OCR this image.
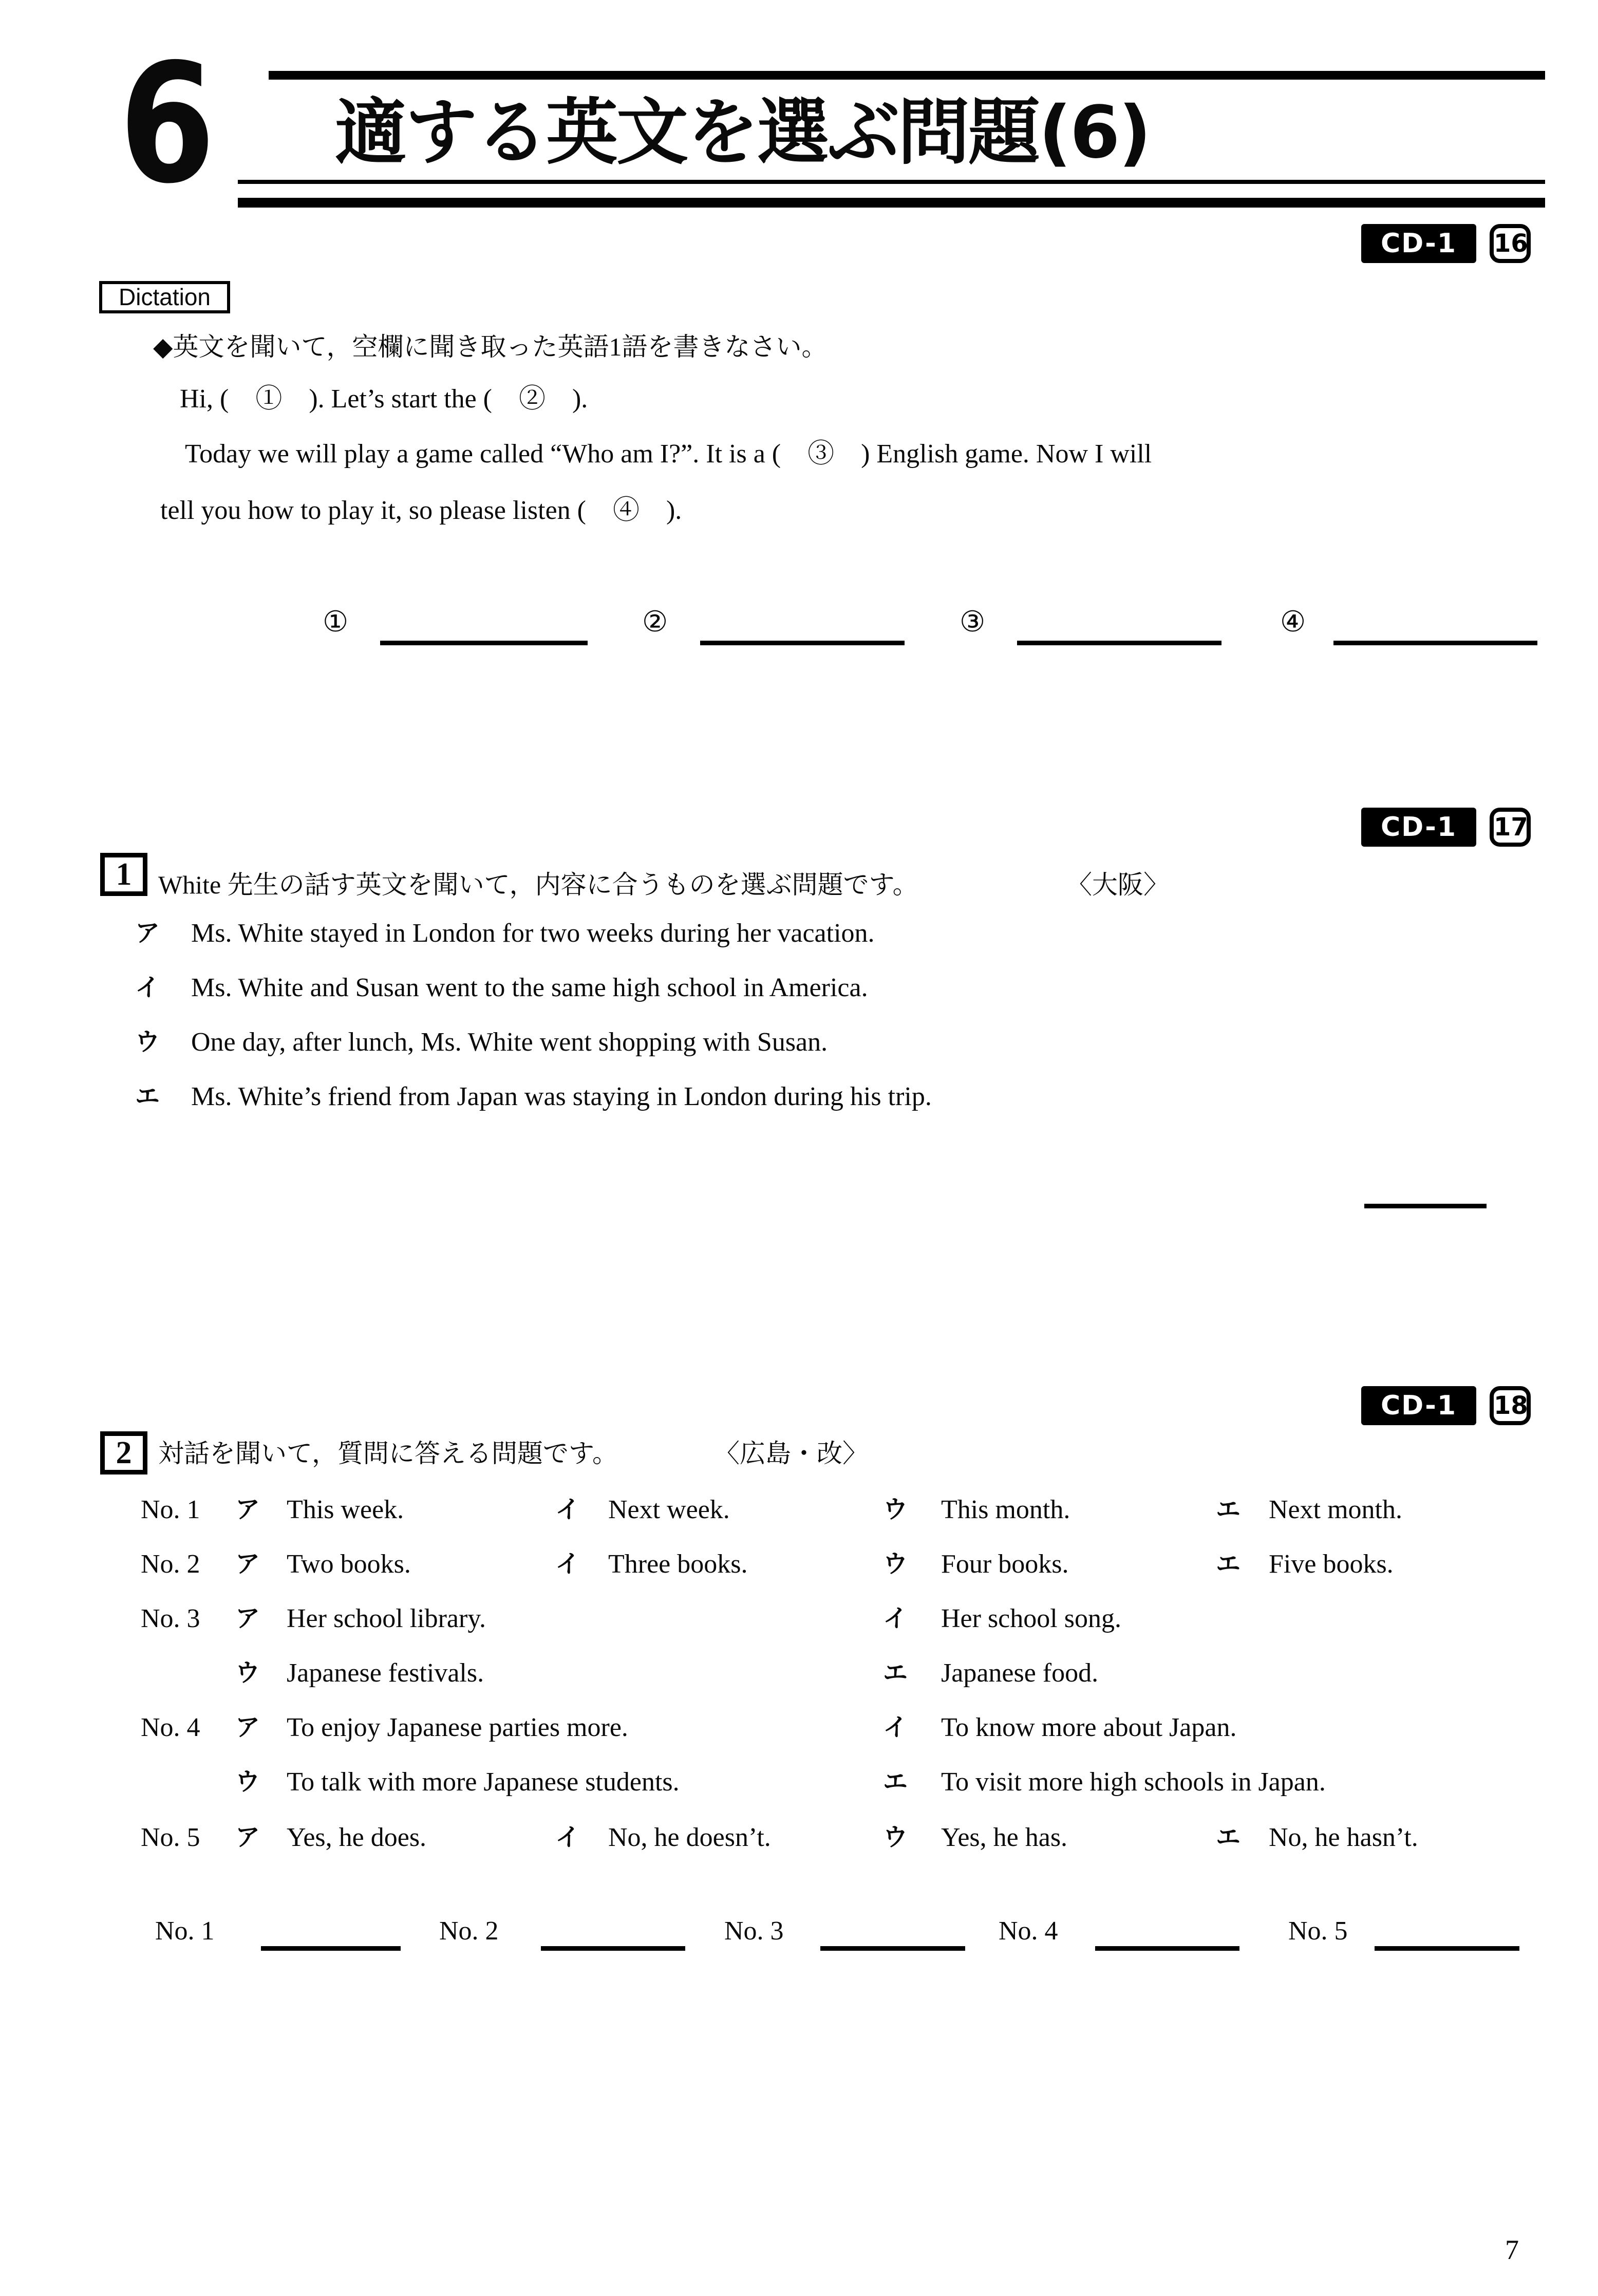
6 適する英文を選ぶ問題(6)
CD-1	16
CD-1	17
CD-1	18
Dictation
◆英文を聞いて，空欄に聞き取った英語1語を書きなさい。
Hi, (　①　). Let’s start the (　②　).
Today we will play a game called “Who am I?”. It is a (　③　) English game. Now I will
tell you how to play it, so please listen (　④　).
①	②	③	④
1	White 先生の話す英文を聞いて，内容に合うものを選ぶ問題です。	〈大阪〉
ア Ms. White stayed in London for two weeks during her vacation.
イ Ms. White and Susan went to the same high school in America.
ウ One day, after lunch, Ms. White went shopping with Susan.
エ Ms. White’s friend from Japan was staying in London during his trip.
2	対話を聞いて，質問に答える問題です。	〈広島・改〉
No. 1 ア This week.	イ Next week.	ウ This month.	エ Next month.
No. 2 ア Two books.	イ Three books.	ウ Four books.	エ Five books.
No. 3 ア Her school library.	イ Her school song.
ウ Japanese festivals.	エ Japanese food.
No. 4 ア To enjoy Japanese parties more.	イ To know more about Japan.
ウ To talk with more Japanese students.	エ To visit more high schools in Japan.
No. 5 ア Yes, he does.	イ No, he doesn’t.	ウ Yes, he has.	エ No, he hasn’t.
No. 1	No. 2	No. 3	No. 4	No. 5
7
